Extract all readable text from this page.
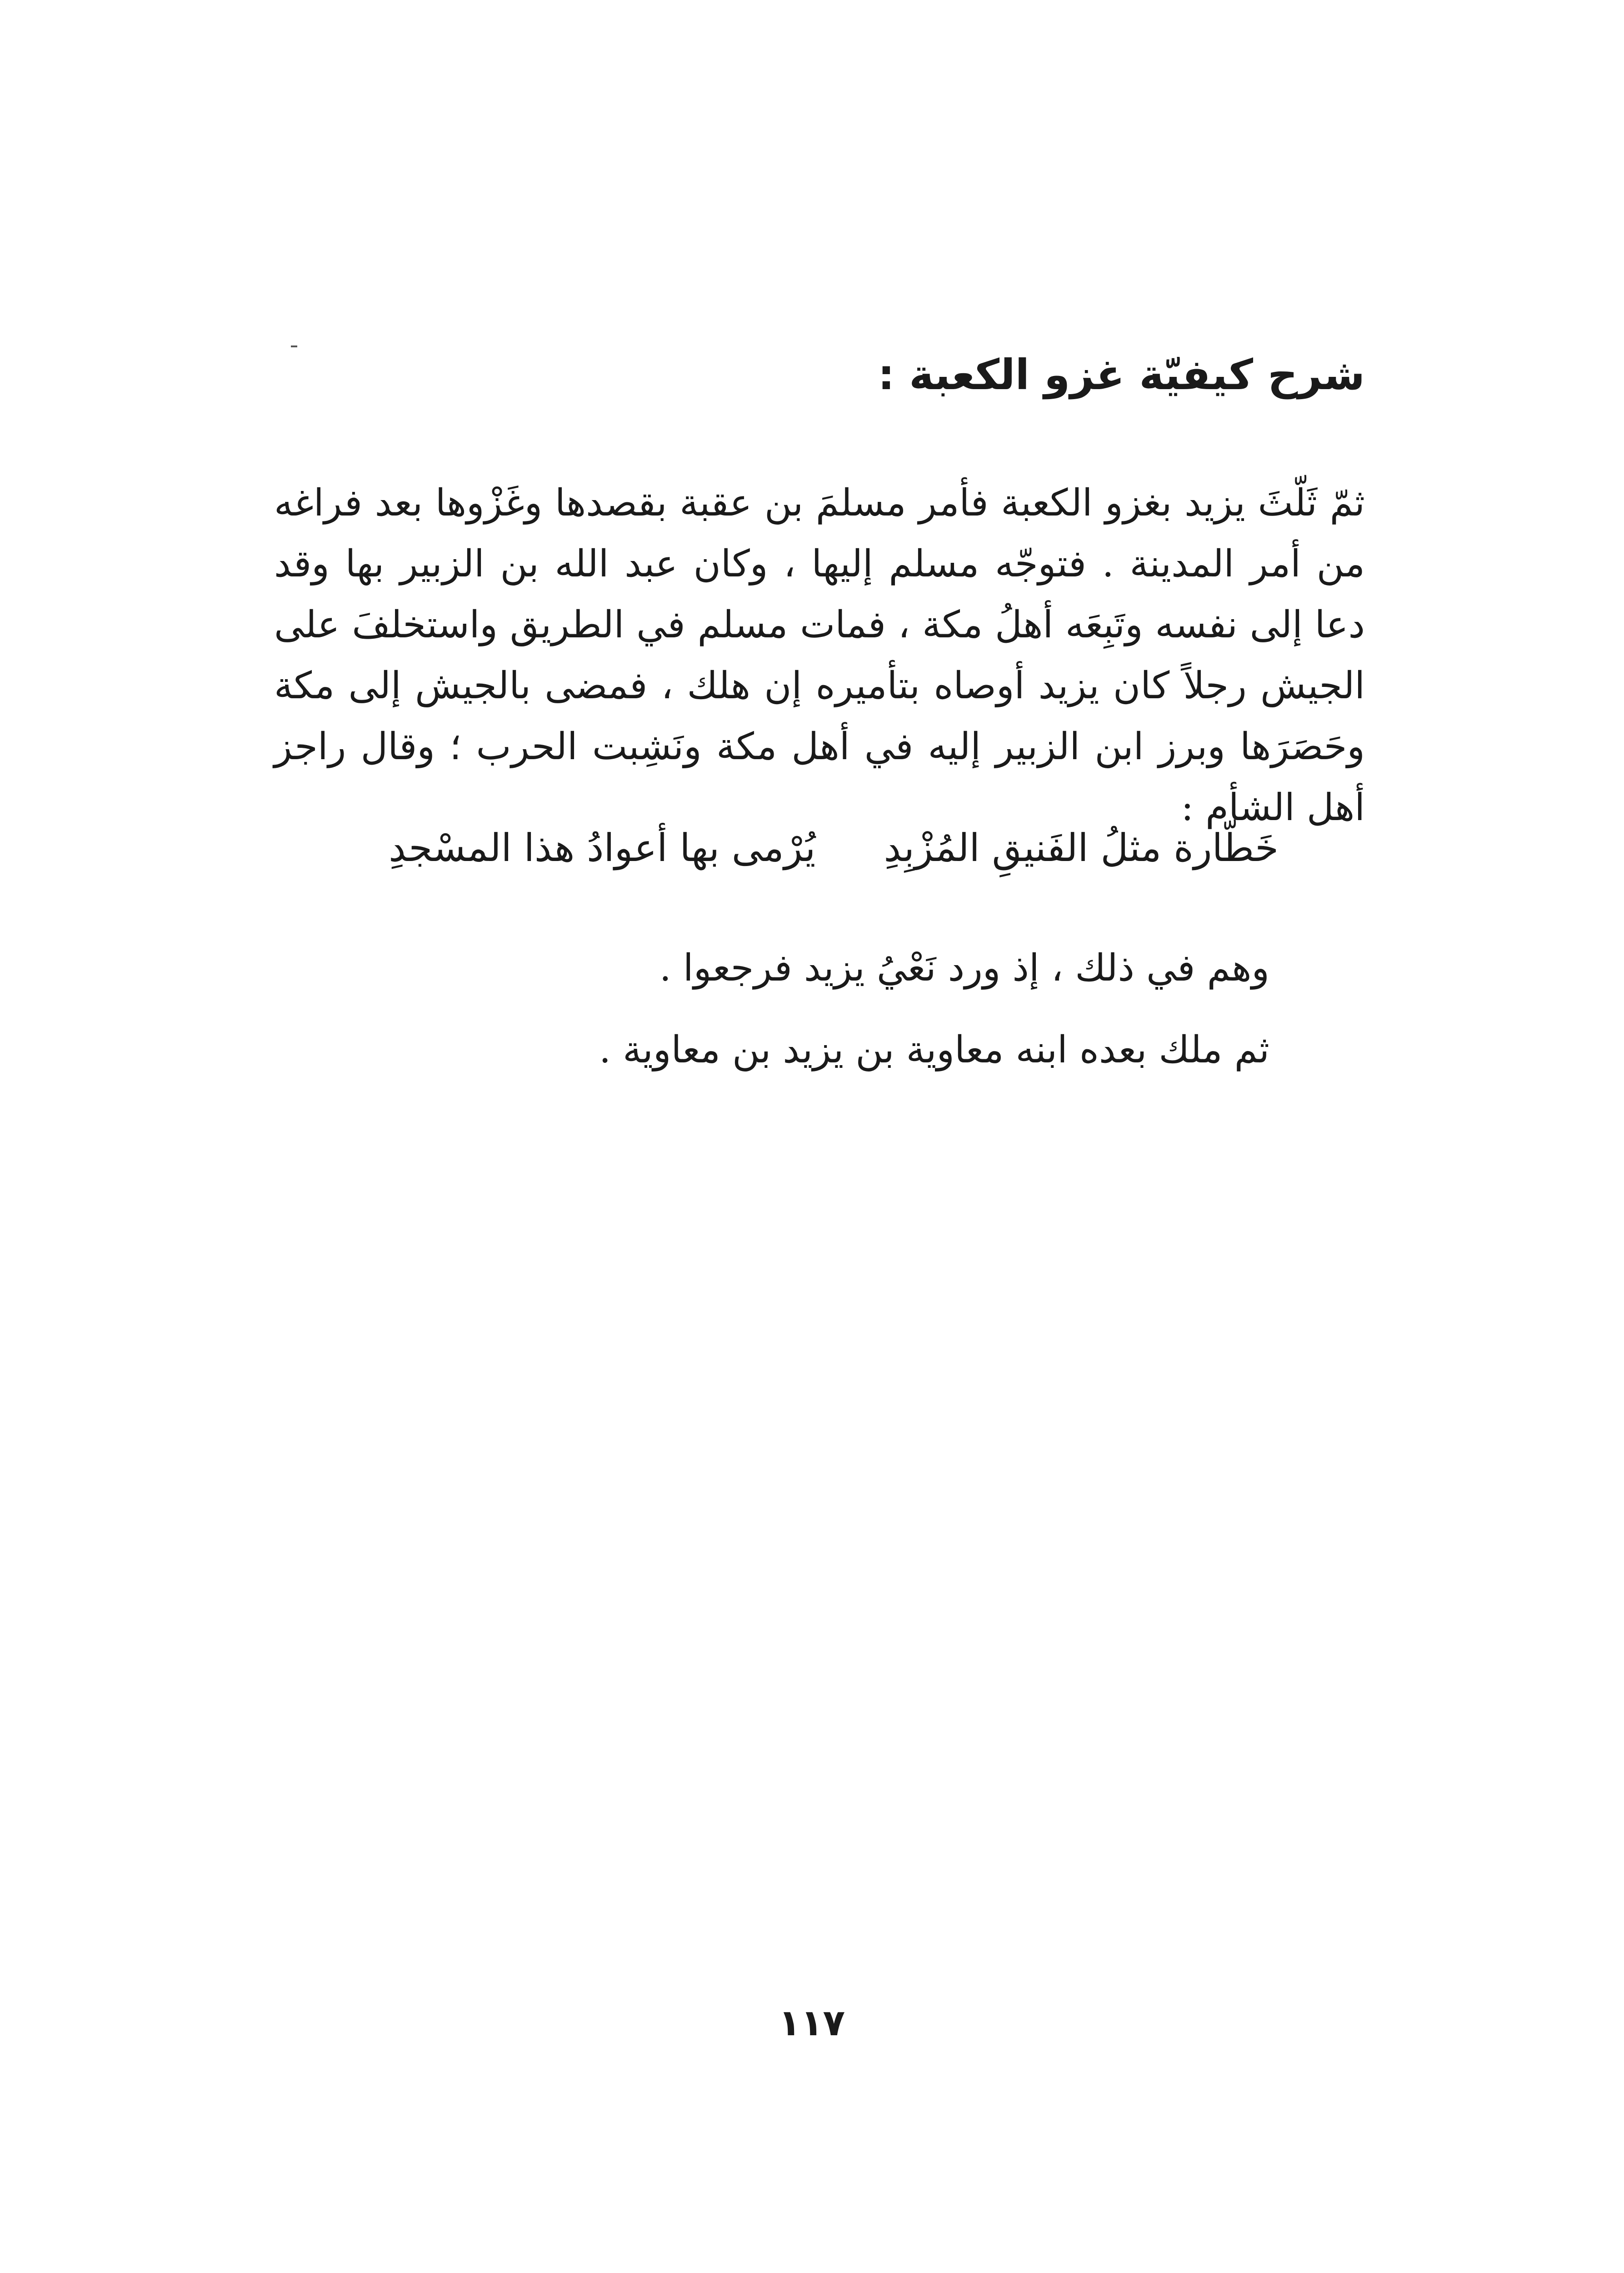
شرح كيفيّة غزو الكعبة :
ثمّ ثَلّثَ يزيد بغزو الكعبة فأمر مسلمَ بن عقبة بقصدها وغَزْوها بعد فراغه من أمر المدينة . فتوجّه مسلم إليها ، وكان عبد الله بن الزبير بها وقد دعا إلى نفسه وتَبِعَه أهلُ مكة ، فمات مسلم في الطريق واستخلفَ على الجيش رجلاً كان يزيد أوصاه بتأميره إن هلك ، فمضى بالجيش إلى مكة وحَصَرَها وبرز ابن الزبير إليه في أهل مكة ونَشِبت الحرب ؛ وقال راجز أهل الشأم :
خَطّارة مثلُ الفَنيقِ المُزْبِدِيُرْمى بها أعوادُ هذا المسْجدِ
وهم في ذلك ، إذ ورد نَعْيُ يزيد فرجعوا .
ثم ملك بعده ابنه معاوية بن يزيد بن معاوية .
١١٧
